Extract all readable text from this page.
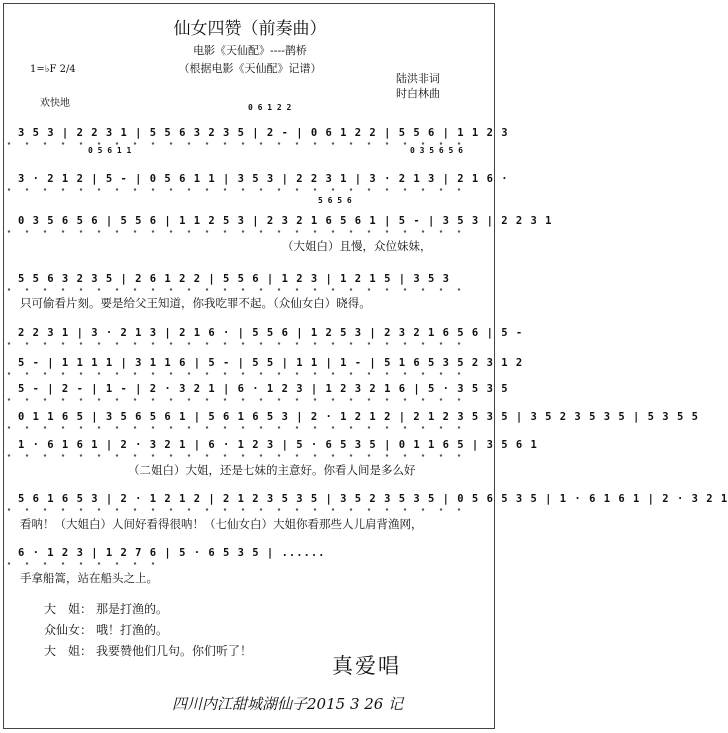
仙女四赞（前奏曲）
电影《天仙配》----鹊桥
（根据电影《天仙配》记谱）
1=♭F 2/4
陆洪非词
时白林曲
欢快地	0 6 1 2 2
0 5 6 1 1	0 3 5 6 5 6
5 6 5 6
3 5 3 | 2 2 3 1 | 5 5 6 3 2 3 5 | 2 - | 0 6 1 2 2 | 5 5 6 | 1 1 2 3
3 · 2 1 2 | 5 - | 0 5 6 1 1 | 3 5 3 | 2 2 3 1 | 3 · 2 1 3 | 2 1 6 ·
0 3 5 6 5 6 | 5 5 6 | 1 1 2 5 3 | 2 3 2 1 6 5 6 1 | 5 - | 3 5 3 | 2 2 3 1
（大姐白）且慢，众位妹妹，
5 5 6 3 2 3 5 | 2 6 1 2 2 | 5 5 6 | 1 2 3 | 1 2 1 5 | 3 5 3
只可偷看片刻。要是给父王知道，你我吃罪不起。（众仙女白）晓得。
2 2 3 1 | 3 · 2 1 3 | 2 1 6 · | 5 5 6 | 1 2 5 3 | 2 3 2 1 6 5 6 | 5 -
5 - | 1 1 1 1 | 3 1 1 6 | 5 - | 5 5 | 1 1 | 1 - | 5 1 6 5 3 5 2 3 1 2
5 - | 2 - | 1 - | 2 · 3 2 1 | 6 · 1 2 3 | 1 2 3 2 1 6 | 5 · 3 5 3 5
0 1 1 6 5 | 3 5 6 5 6 1 | 5 6 1 6 5 3 | 2 · 1 2 1 2 | 2 1 2 3 5 3 5 | 3 5 2 3 5 3 5 | 5 3 5 5
1 · 6 1 6 1 | 2 · 3 2 1 | 6 · 1 2 3 | 5 · 6 5 3 5 | 0 1 1 6 5 | 3 5 6 1
（二姐白）大姐，还是七妹的主意好。你看人间是多么好
5 6 1 6 5 3 | 2 · 1 2 1 2 | 2 1 2 3 5 3 5 | 3 5 2 3 5 3 5 | 0 5 6 5 3 5 | 1 · 6 1 6 1 | 2 · 3 2 1
看呐！（大姐白）人间好看得很呐！（七仙女白）大姐你看那些人儿肩背渔网，
6 · 1 2 3 | 1 2 7 6 | 5 · 6 5 3 5 | ......
手拿船篙，站在船头之上。
大　姐： 那是打渔的。
众仙女： 哦！打渔的。
大　姐： 我要赞他们几句。你们听了！
真爱唱
四川内江甜城湖仙子2015 3 26 记
